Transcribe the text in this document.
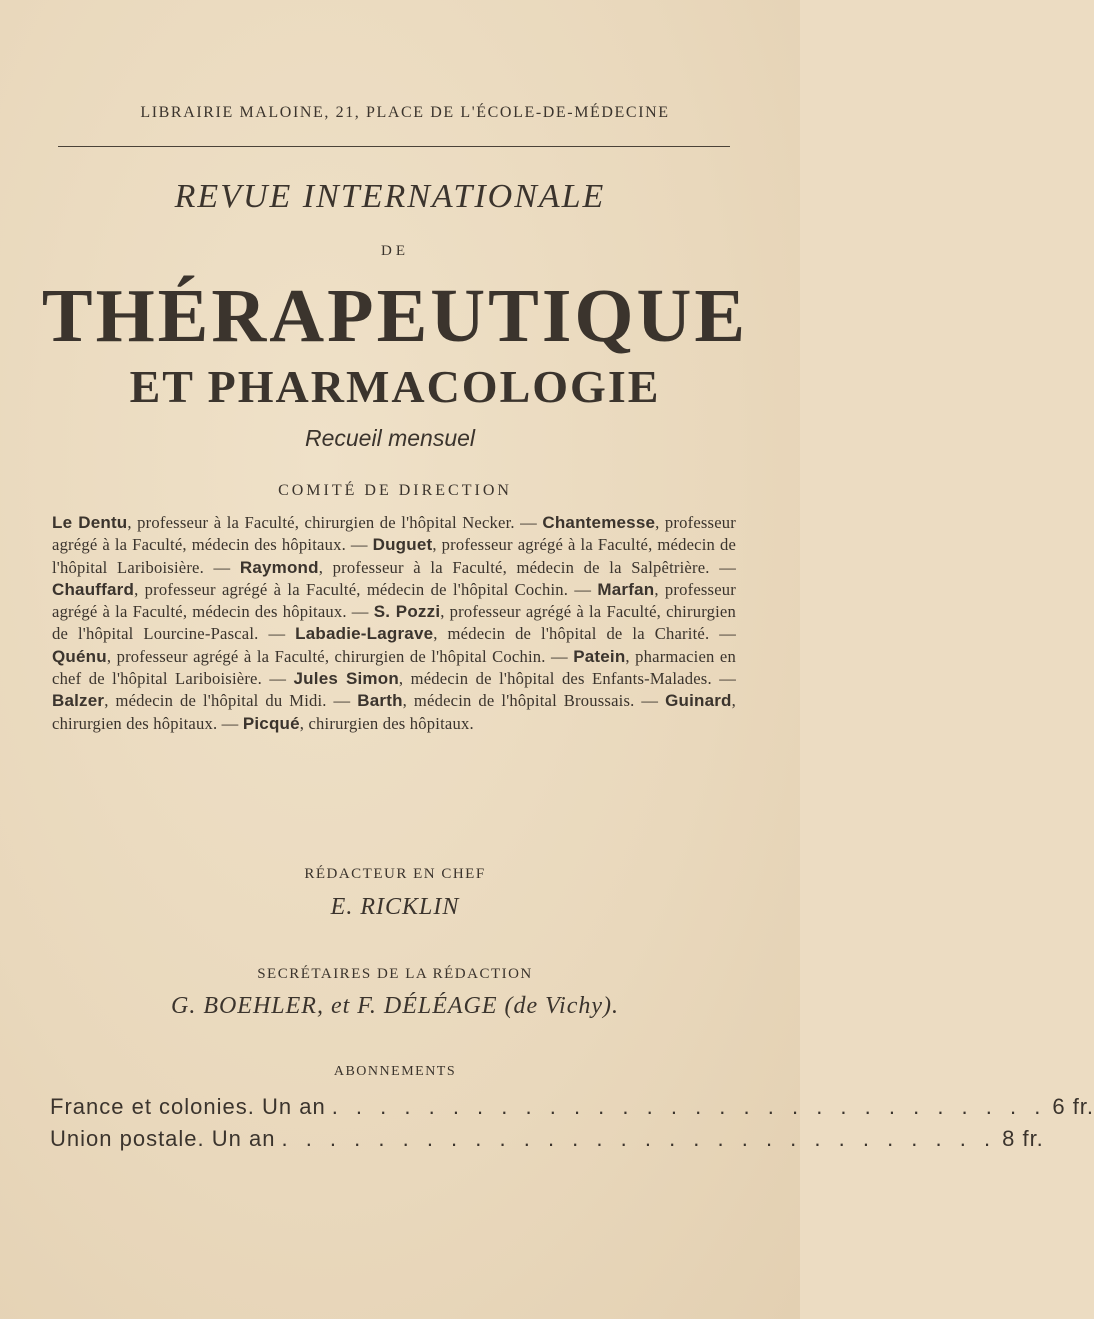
LIBRAIRIE MALOINE, 21, PLACE DE L'ÉCOLE-DE-MÉDECINE
REVUE INTERNATIONALE
DE
THÉRAPEUTIQUE
ET PHARMACOLOGIE
Recueil mensuel
COMITÉ DE DIRECTION
Le Dentu, professeur à la Faculté, chirurgien de l'hôpital Necker. — Chantemesse, professeur agrégé à la Faculté, médecin des hôpitaux. — Duguet, professeur agrégé à la Faculté, médecin de l'hôpital Lariboisière. — Raymond, professeur à la Faculté, médecin de la Salpêtrière. — Chauffard, professeur agrégé à la Faculté, médecin de l'hôpital Cochin. — Marfan, professeur agrégé à la Faculté, médecin des hôpitaux. — S. Pozzi, professeur agrégé à la Faculté, chirurgien de l'hôpital Lourcine-Pascal. — Labadie-Lagrave, médecin de l'hôpital de la Charité. — Quénu, professeur agrégé à la Faculté, chirurgien de l'hôpital Cochin. — Patein, pharmacien en chef de l'hôpital Lariboisière. — Jules Simon, médecin de l'hôpital des Enfants-Malades. — Balzer, médecin de l'hôpital du Midi. — Barth, médecin de l'hôpital Broussais. — Guinard, chirurgien des hôpitaux. — Picqué, chirurgien des hôpitaux.
RÉDACTEUR EN CHEF
E. RICKLIN
SECRÉTAIRES DE LA RÉDACTION
G. BOEHLER, et F. DÉLÉAGE (de Vichy).
ABONNEMENTS
France et colonies. Un an . . . . . . . . . . . . . . . . . . . . . . . . . . . . . . 6 fr.
Union postale. Un an . . . . . . . . . . . . . . . . . . . . . . . . . . . . . . 8 fr.
